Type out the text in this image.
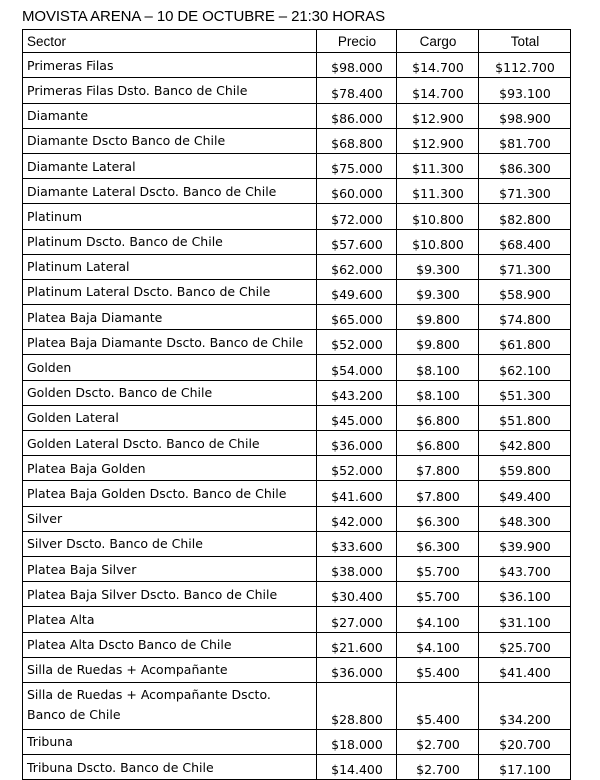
MOVISTA ARENA – 10 DE OCTUBRE – 21:30 HORAS
Sector	Precio	Cargo	Total
Primeras Filas	$98.000	$14.700	$112.700
Primeras Filas Dsto. Banco de Chile	$78.400	$14.700	$93.100
Diamante	$86.000	$12.900	$98.900
Diamante Dscto Banco de Chile	$68.800	$12.900	$81.700
Diamante Lateral	$75.000	$11.300	$86.300
Diamante Lateral Dscto. Banco de Chile	$60.000	$11.300	$71.300
Platinum	$72.000	$10.800	$82.800
Platinum Dscto. Banco de Chile	$57.600	$10.800	$68.400
Platinum Lateral	$62.000	$9.300	$71.300
Platinum Lateral Dscto. Banco de Chile	$49.600	$9.300	$58.900
Platea Baja Diamante	$65.000	$9.800	$74.800
Platea Baja Diamante Dscto. Banco de Chile	$52.000	$9.800	$61.800
Golden	$54.000	$8.100	$62.100
Golden Dscto. Banco de Chile	$43.200	$8.100	$51.300
Golden Lateral	$45.000	$6.800	$51.800
Golden Lateral Dscto. Banco de Chile	$36.000	$6.800	$42.800
Platea Baja Golden	$52.000	$7.800	$59.800
Platea Baja Golden Dscto. Banco de Chile	$41.600	$7.800	$49.400
Silver	$42.000	$6.300	$48.300
Silver Dscto. Banco de Chile	$33.600	$6.300	$39.900
Platea Baja Silver	$38.000	$5.700	$43.700
Platea Baja Silver Dscto. Banco de Chile	$30.400	$5.700	$36.100
Platea Alta	$27.000	$4.100	$31.100
Platea Alta Dscto Banco de Chile	$21.600	$4.100	$25.700
Silla de Ruedas + Acompañante	$36.000	$5.400	$41.400
Silla de Ruedas + Acompañante Dscto. Banco de Chile	$28.800	$5.400	$34.200
Tribuna	$18.000	$2.700	$20.700
Tribuna Dscto. Banco de Chile	$14.400	$2.700	$17.100
